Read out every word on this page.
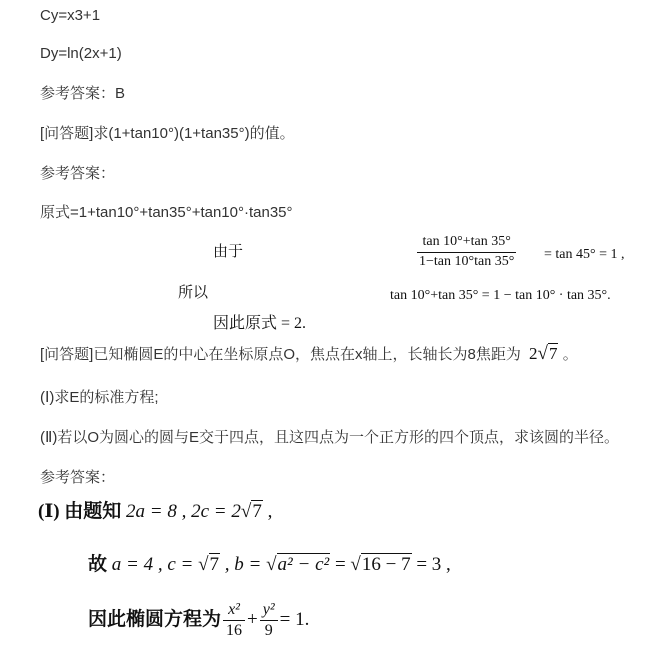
Cy=x3+1
Dy=ln(2x+1)
参考答案：B
[问答题]求(1+tan10°)(1+tan35°)的值。
参考答案：
原式=1+tan10°+tan35°+tan10°·tan35°
由于
tan 10°+tan 35°
1−tan 10°tan 35° = tan 45° = 1 ,
所以	tan 10°+tan 35° = 1 − tan 10° · tan 35°.
因此原式 = 2.
[问答题]已知椭圆E的中心在坐标原点O，焦点在x轴上，长轴长为8焦距为 2√7 。
(Ⅰ)求E的标准方程;
(Ⅱ)若以O为圆心的圆与E交于四点，且这四点为一个正方形的四个顶点，求该圆的半径。
参考答案：
(Ⅰ) 由题知 2a = 8 , 2c = 2√7 ,
故 a = 4 , c = √7 , b = √a² − c² = √16 − 7 = 3 ,
因此椭圆方程为 $\frac{\text{x²}}{16} + \frac{\text{y²}}{9} = 1$.
